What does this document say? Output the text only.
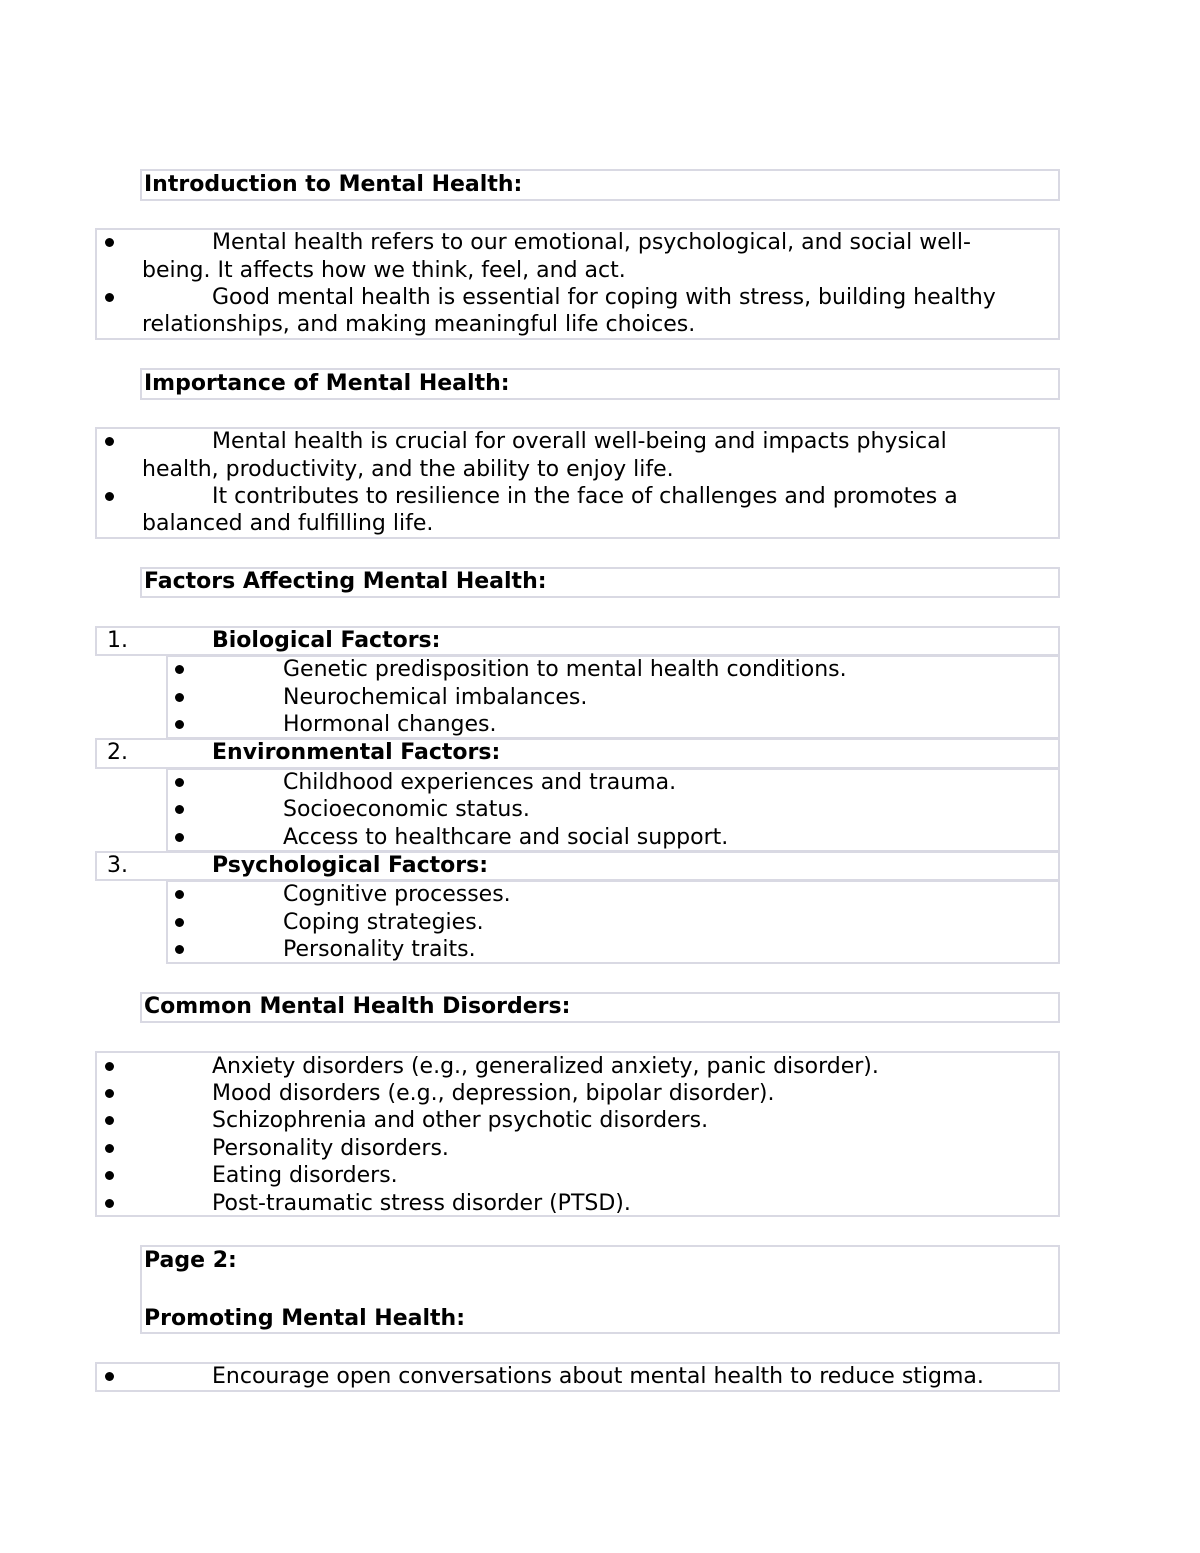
Introduction to Mental Health:
Mental health refers to our emotional, psychological, and social well-
being. It affects how we think, feel, and act.
Good mental health is essential for coping with stress, building healthy
relationships, and making meaningful life choices.
Importance of Mental Health:
Mental health is crucial for overall well-being and impacts physical
health, productivity, and the ability to enjoy life.
It contributes to resilience in the face of challenges and promotes a
balanced and fulfilling life.
Factors Affecting Mental Health:
1.	Biological Factors:
Genetic predisposition to mental health conditions.
Neurochemical imbalances.
Hormonal changes.
2.	Environmental Factors:
Childhood experiences and trauma.
Socioeconomic status.
Access to healthcare and social support.
3.	Psychological Factors:
Cognitive processes.
Coping strategies.
Personality traits.
Common Mental Health Disorders:
Anxiety disorders (e.g., generalized anxiety, panic disorder).
Mood disorders (e.g., depression, bipolar disorder).
Schizophrenia and other psychotic disorders.
Personality disorders.
Eating disorders.
Post-traumatic stress disorder (PTSD).
Page 2:
Promoting Mental Health:
Encourage open conversations about mental health to reduce stigma.
